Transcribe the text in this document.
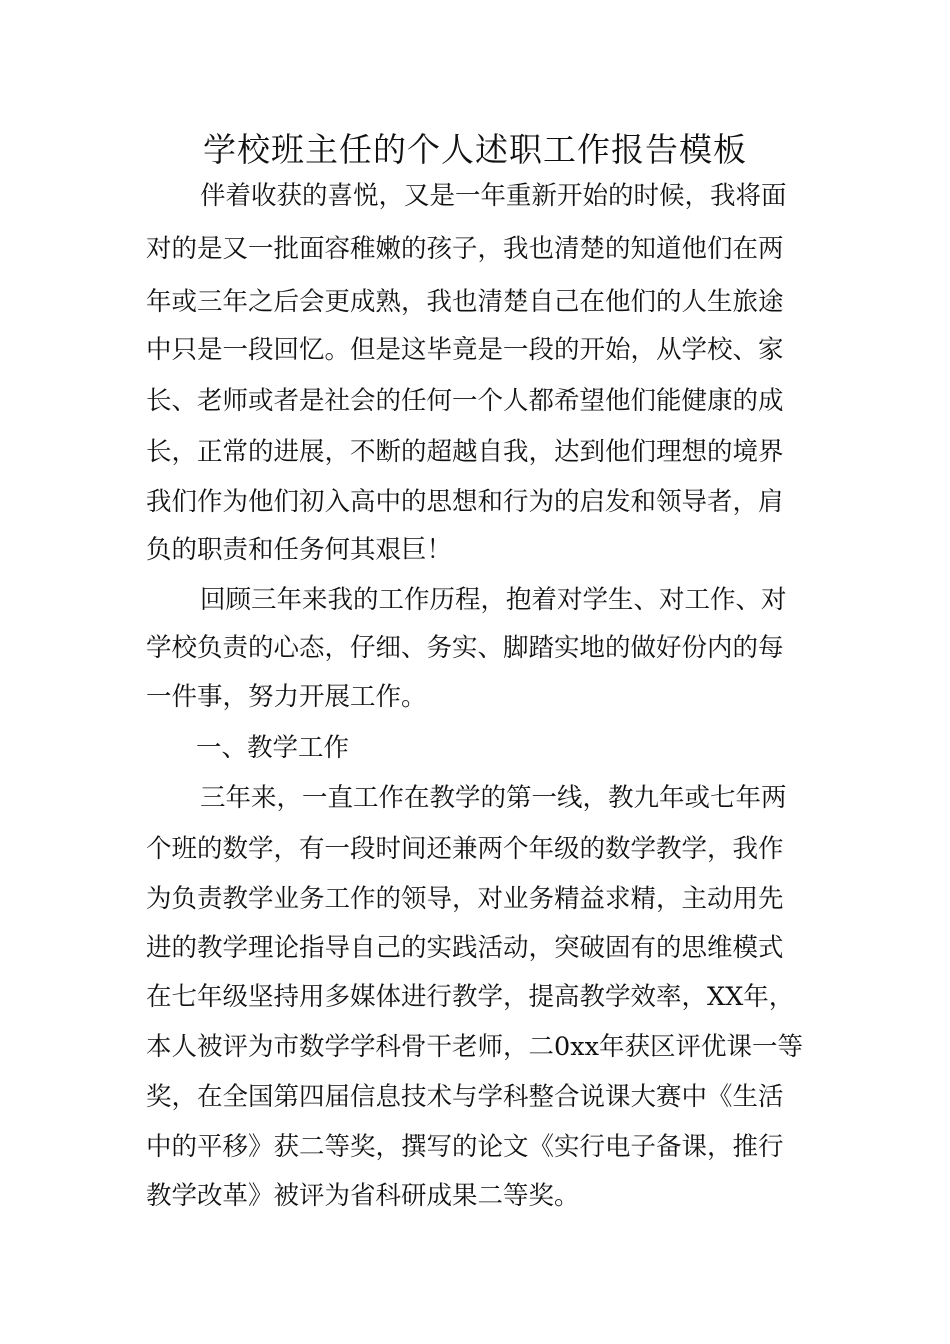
学校班主任的个人述职工作报告模板

伴着收获的喜悦，又是一年重新开始的时候，我将面

对的是又一批面容稚嫩的孩子，我也清楚的知道他们在两

年或三年之后会更成熟，我也清楚自己在他们的人生旅途

中只是一段回忆。但是这毕竟是一段的开始，从学校、家

长、老师或者是社会的任何一个人都希望他们能健康的成

长，正常的进展，不断的超越自我，达到他们理想的境界

我们作为他们初入高中的思想和行为的启发和领导者，肩

负的职责和任务何其艰巨！

回顾三年来我的工作历程，抱着对学生、对工作、对

学校负责的心态，仔细、务实、脚踏实地的做好份内的每

一件事，努力开展工作。

一、教学工作

三年来，一直工作在教学的第一线，教九年或七年两

个班的数学，有一段时间还兼两个年级的数学教学，我作

为负责教学业务工作的领导，对业务精益求精，主动用先

进的教学理论指导自己的实践活动，突破固有的思维模式

在七年级坚持用多媒体进行教学，提高教学效率，XX年，

本人被评为市数学学科骨干老师，二0xx年获区评优课一等

奖，在全国第四届信息技术与学科整合说课大赛中《生活

中的平移》获二等奖，撰写的论文《实行电子备课，推行

教学改革》被评为省科研成果二等奖。
